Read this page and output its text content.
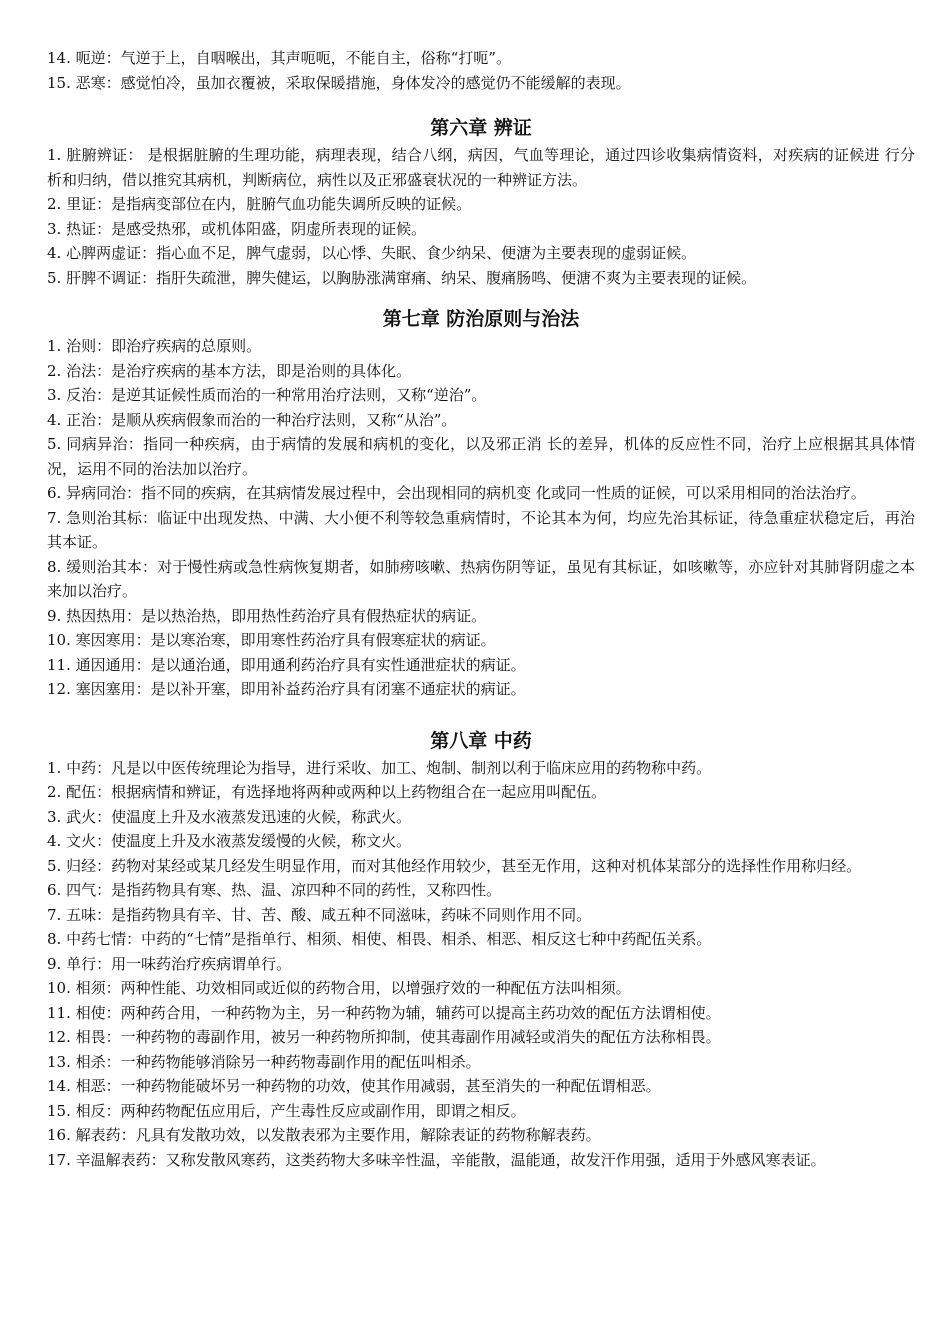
14. 呃逆：气逆于上，自咽喉出，其声呃呃，不能自主，俗称“打呃”。

15. 恶寒：感觉怕冷，虽加衣覆被，采取保暖措施，身体发冷的感觉仍不能缓解的表现。

第六章 辨证

1. 脏腑辨证： 是根据脏腑的生理功能，病理表现，结合八纲，病因，气血等理论，通过四诊收集病情资料，对疾病的证候进 行分析和归纳，借以推究其病机，判断病位，病性以及正邪盛衰状况的一种辨证方法。

2. 里证：是指病变部位在内，脏腑气血功能失调所反映的证候。

3. 热证：是感受热邪，或机体阳盛，阴虚所表现的证候。

4. 心脾两虚证：指心血不足，脾气虚弱，以心悸、失眠、食少纳呆、便溏为主要表现的虚弱证候。

5. 肝脾不调证：指肝失疏泄，脾失健运，以胸胁涨满窜痛、纳呆、腹痛肠鸣、便溏不爽为主要表现的证候。

第七章 防治原则与治法

1. 治则：即治疗疾病的总原则。

2. 治法：是治疗疾病的基本方法，即是治则的具体化。

3. 反治：是逆其证候性质而治的一种常用治疗法则，又称“逆治”。

4. 正治：是顺从疾病假象而治的一种治疗法则，又称“从治”。

5. 同病异治：指同一种疾病，由于病情的发展和病机的变化，以及邪正消 长的差异，机体的反应性不同，治疗上应根据其具体情况，运用不同的治法加以治疗。

6. 异病同治：指不同的疾病，在其病情发展过程中，会出现相同的病机变 化或同一性质的证候，可以采用相同的治法治疗。

7. 急则治其标：临证中出现发热、中满、大小便不利等较急重病情时，不论其本为何，均应先治其标证，待急重症状稳定后，再治其本证。

8. 缓则治其本：对于慢性病或急性病恢复期者，如肺痨咳嗽、热病伤阴等证，虽见有其标证，如咳嗽等，亦应针对其肺肾阴虚之本来加以治疗。

9. 热因热用：是以热治热，即用热性药治疗具有假热症状的病证。

10. 寒因寒用：是以寒治寒，即用寒性药治疗具有假寒症状的病证。

11. 通因通用：是以通治通，即用通利药治疗具有实性通泄症状的病证。

12. 塞因塞用：是以补开塞，即用补益药治疗具有闭塞不通症状的病证。

第八章 中药

1. 中药：凡是以中医传统理论为指导，进行采收、加工、炮制、制剂以利于临床应用的药物称中药。

2. 配伍：根据病情和辨证，有选择地将两种或两种以上药物组合在一起应用叫配伍。

3. 武火：使温度上升及水液蒸发迅速的火候，称武火。

4. 文火：使温度上升及水液蒸发缓慢的火候，称文火。

5. 归经：药物对某经或某几经发生明显作用，而对其他经作用较少，甚至无作用，这种对机体某部分的选择性作用称归经。

6. 四气：是指药物具有寒、热、温、凉四种不同的药性，又称四性。

7. 五味：是指药物具有辛、甘、苦、酸、咸五种不同滋味，药味不同则作用不同。

8. 中药七情：中药的“七情”是指单行、相须、相使、相畏、相杀、相恶、相反这七种中药配伍关系。

9. 单行：用一味药治疗疾病谓单行。

10. 相须：两种性能、功效相同或近似的药物合用，以增强疗效的一种配伍方法叫相须。

11. 相使：两种药合用，一种药物为主，另一种药物为辅，辅药可以提高主药功效的配伍方法谓相使。

12. 相畏：一种药物的毒副作用，被另一种药物所抑制，使其毒副作用减轻或消失的配伍方法称相畏。

13. 相杀：一种药物能够消除另一种药物毒副作用的配伍叫相杀。

14. 相恶：一种药物能破坏另一种药物的功效，使其作用减弱，甚至消失的一种配伍谓相恶。

15. 相反：两种药物配伍应用后，产生毒性反应或副作用，即谓之相反。

16. 解表药：凡具有发散功效，以发散表邪为主要作用，解除表证的药物称解表药。

17. 辛温解表药：又称发散风寒药，这类药物大多味辛性温，辛能散，温能通，故发汗作用强，适用于外感风寒表证。
